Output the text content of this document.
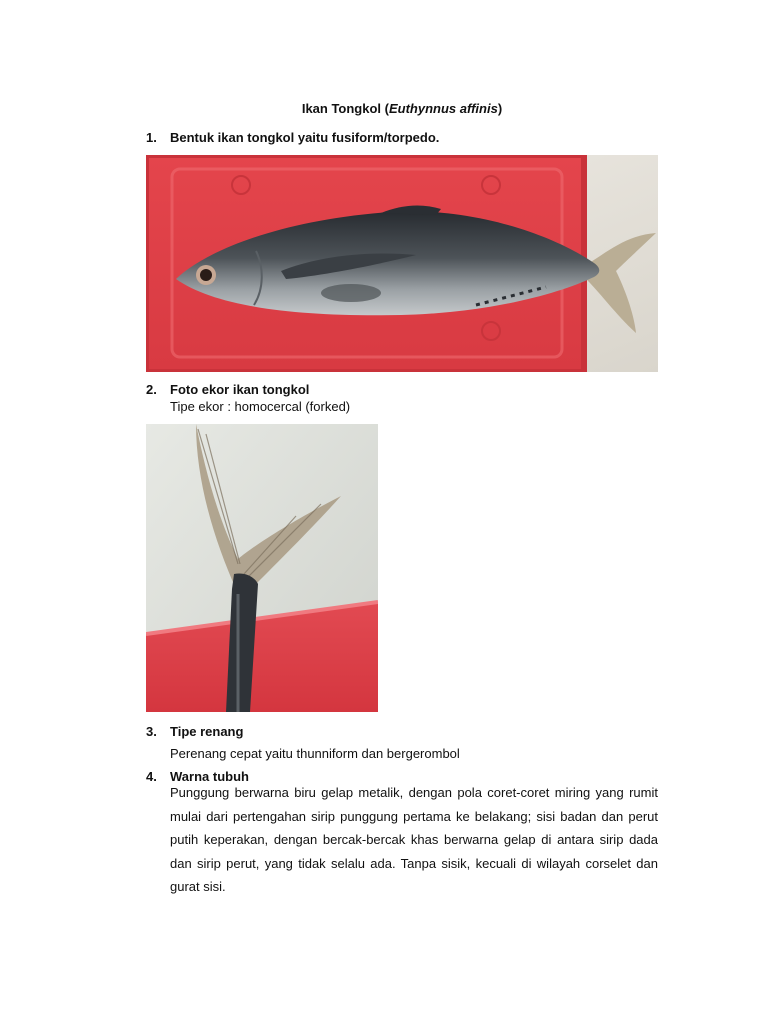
Ikan Tongkol (Euthynnus affinis)
1. Bentuk ikan tongkol yaitu fusiform/torpedo.
2. Foto ekor ikan tongkol
Tipe ekor : homocercal (forked)
3. Tipe renang
Perenang cepat yaitu thunniform dan bergerombol
4. Warna tubuh
Punggung berwarna biru gelap metalik, dengan pola coret-coret miring yang rumit mulai dari pertengahan sirip punggung pertama ke belakang; sisi badan dan perut putih keperakan, dengan bercak-bercak khas berwarna gelap di antara sirip dada dan sirip perut, yang tidak selalu ada. Tanpa sisik, kecuali di wilayah corselet dan gurat sisi.
